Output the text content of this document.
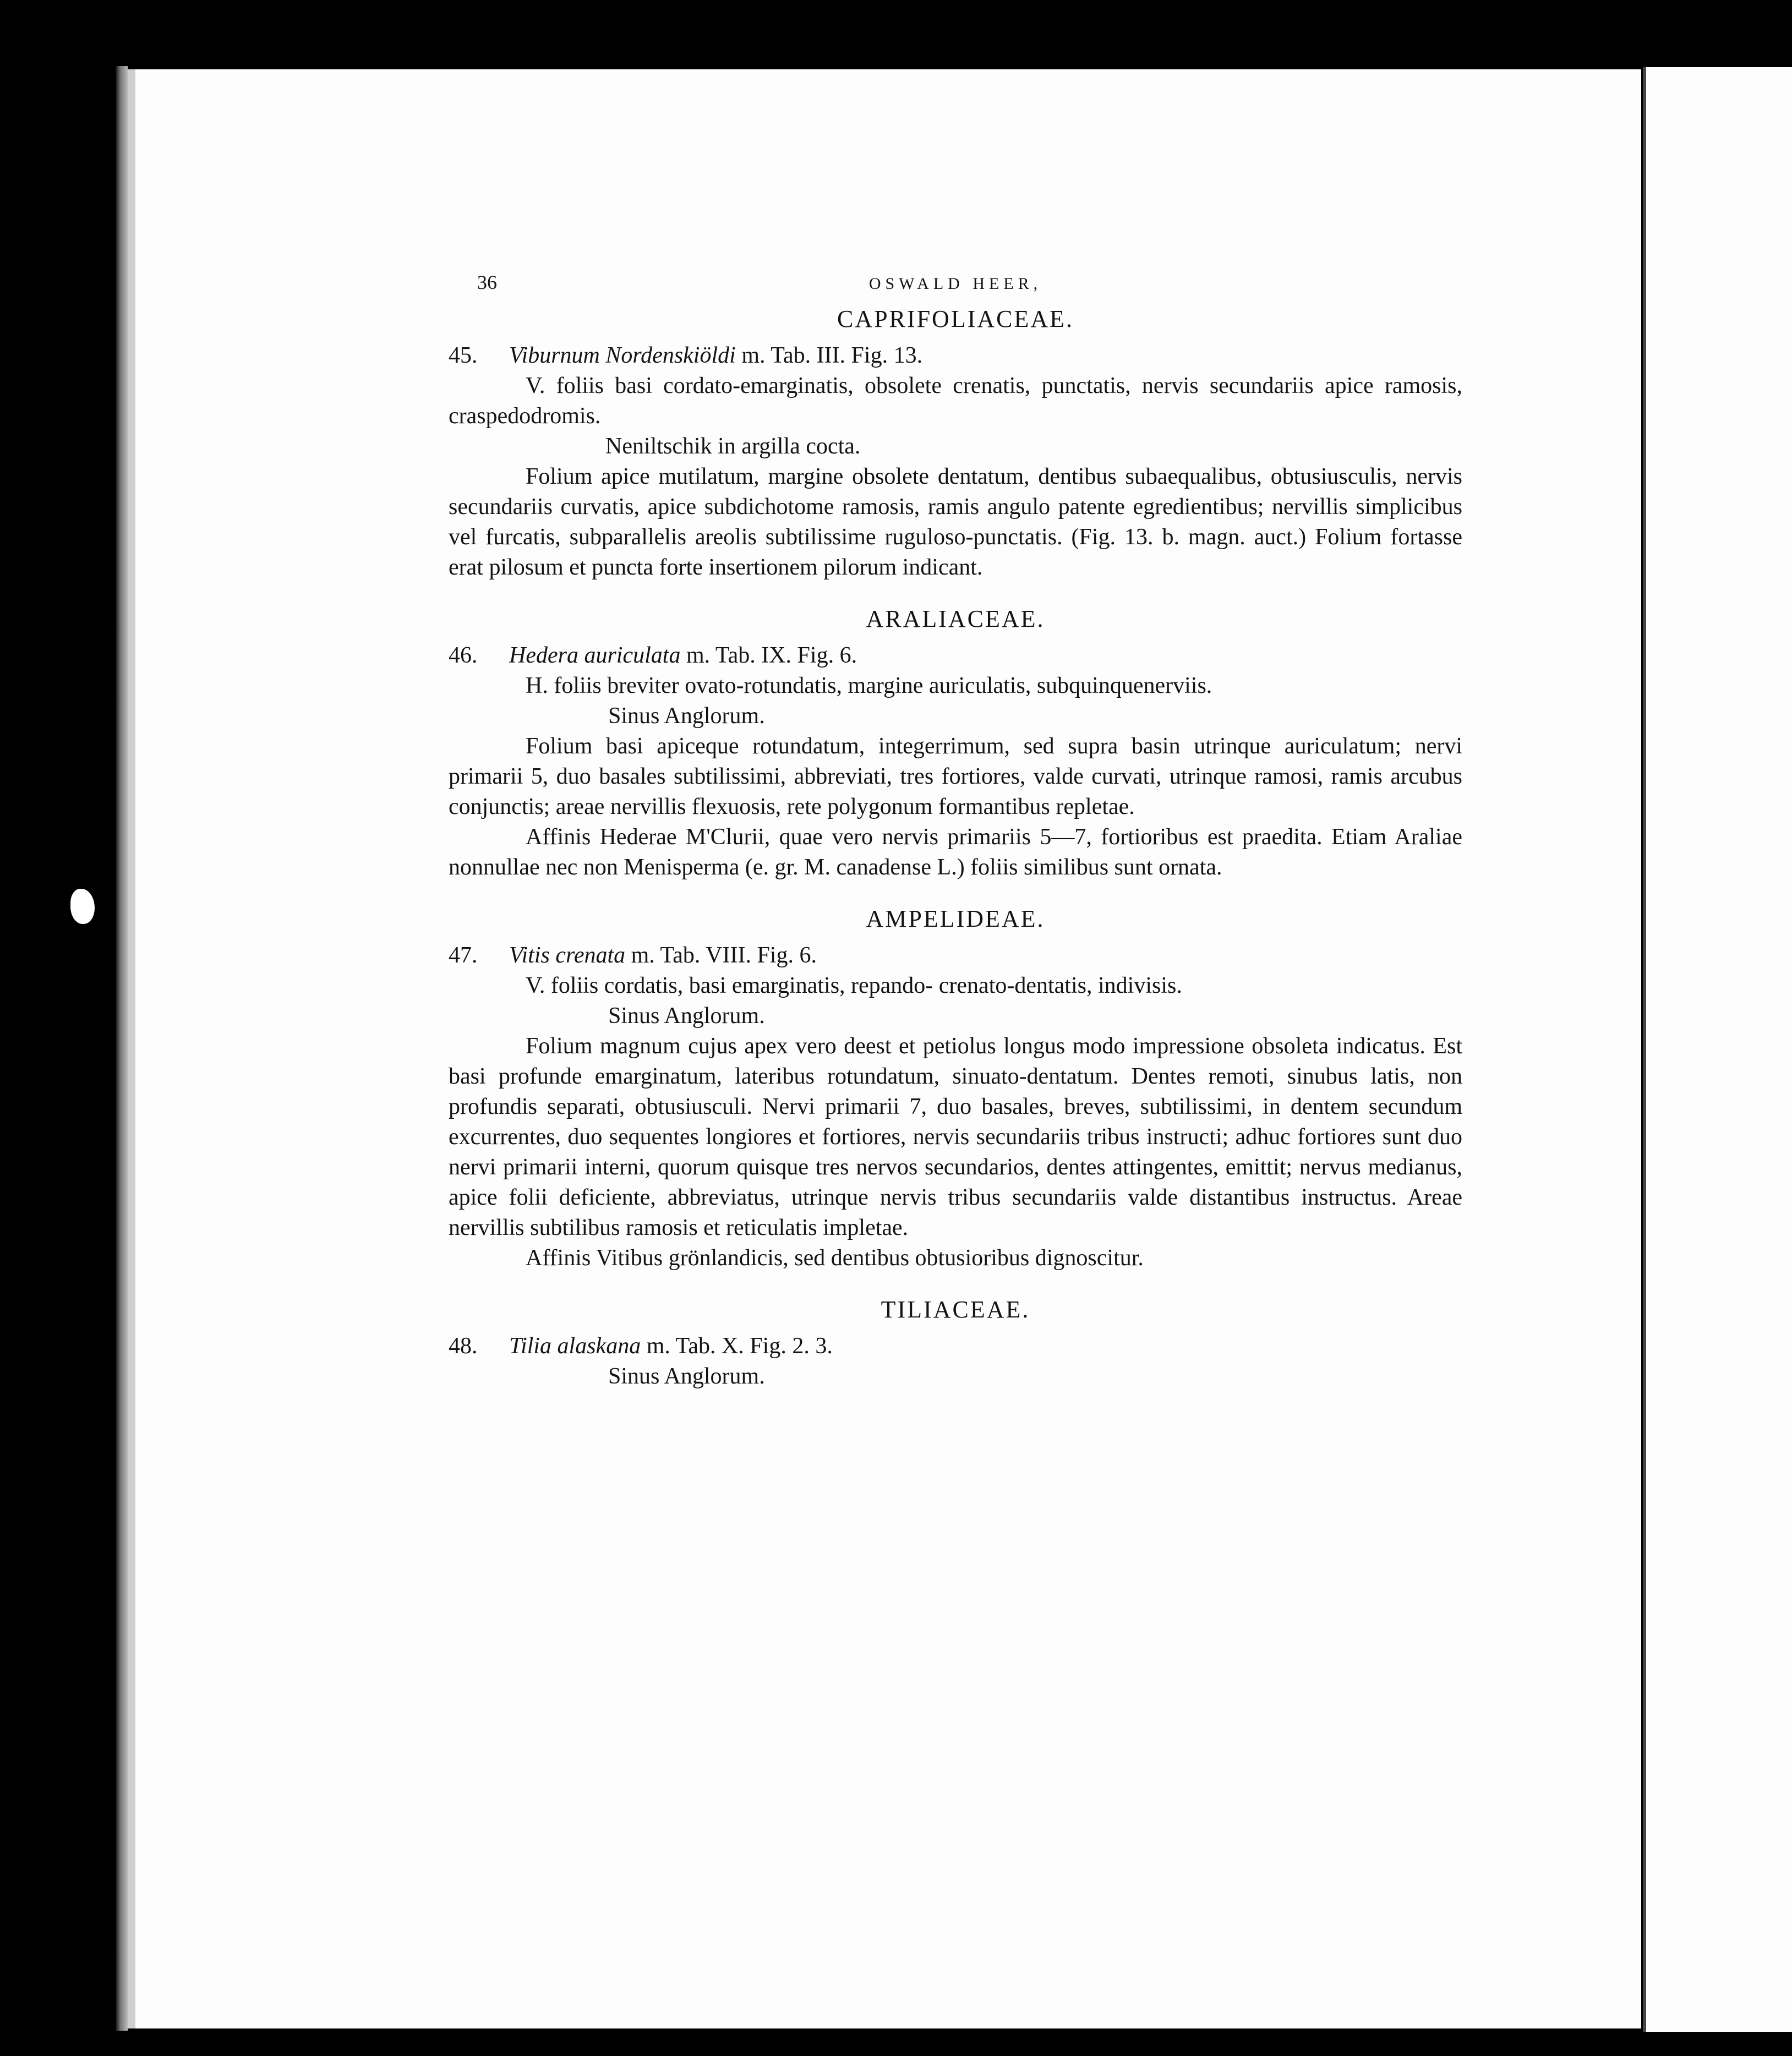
36	OSWALD HEER,
CAPRIFOLIACEAE.
45. Viburnum Nordenskiöldi m. Tab. III. Fig. 13.
V. foliis basi cordato-emarginatis, obsolete crenatis, punctatis, nervis secundariis apice ramosis, craspedodromis.
Neniltschik in argilla cocta.
Folium apice mutilatum, margine obsolete dentatum, dentibus subaequalibus, obtusiusculis, nervis secundariis curvatis, apice subdichotome ramosis, ramis angulo patente egredientibus; nervillis simplicibus vel furcatis, subparallelis areolis subtilissime ruguloso-punctatis. (Fig. 13. b. magn. auct.) Folium fortasse erat pilosum et puncta forte insertionem pilorum indicant.
ARALIACEAE.
46. Hedera auriculata m. Tab. IX. Fig. 6.
H. foliis breviter ovato-rotundatis, margine auriculatis, subquinquenerviis.
Sinus Anglorum.
Folium basi apiceque rotundatum, integerrimum, sed supra basin utrinque auriculatum; nervi primarii 5, duo basales subtilissimi, abbreviati, tres fortiores, valde curvati, utrinque ramosi, ramis arcubus conjunctis; areae nervillis flexuosis, rete polygonum formantibus repletae.
Affinis Hederae M'Clurii, quae vero nervis primariis 5—7, fortioribus est praedita. Etiam Araliae nonnullae nec non Menisperma (e. gr. M. canadense L.) foliis similibus sunt ornata.
AMPELIDEAE.
47. Vitis crenata m. Tab. VIII. Fig. 6.
V. foliis cordatis, basi emarginatis, repando- crenato-dentatis, indivisis.
Sinus Anglorum.
Folium magnum cujus apex vero deest et petiolus longus modo impressione obsoleta indicatus. Est basi profunde emarginatum, lateribus rotundatum, sinuato-dentatum. Dentes remoti, sinubus latis, non profundis separati, obtusiusculi. Nervi primarii 7, duo basales, breves, subtilissimi, in dentem secundum excurrentes, duo sequentes longiores et fortiores, nervis secundariis tribus instructi; adhuc fortiores sunt duo nervi primarii interni, quorum quisque tres nervos secundarios, dentes attingentes, emittit; nervus medianus, apice folii deficiente, abbreviatus, utrinque nervis tribus secundariis valde distantibus instructus. Areae nervillis subtilibus ramosis et reticulatis impletae.
Affinis Vitibus grönlandicis, sed dentibus obtusioribus dignoscitur.
TILIACEAE.
48. Tilia alaskana m. Tab. X. Fig. 2. 3.
Sinus Anglorum.
